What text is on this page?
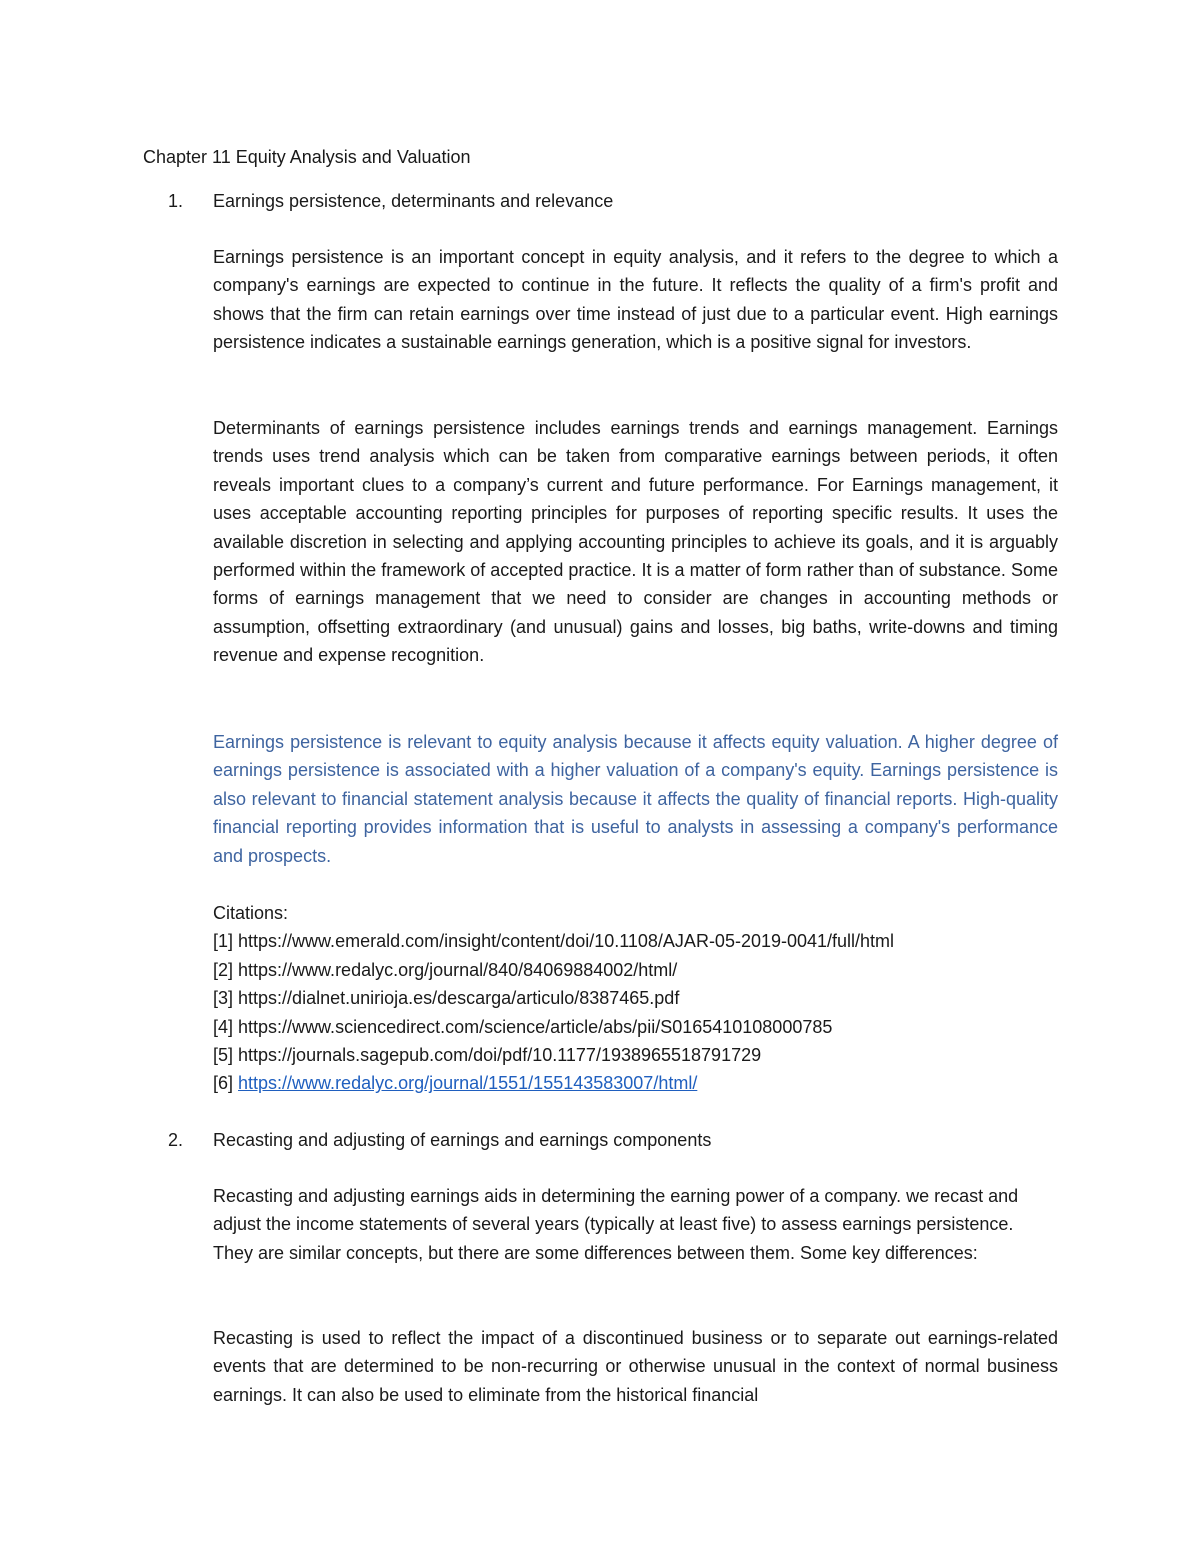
Chapter 11 Equity Analysis and Valuation
1. Earnings persistence, determinants and relevance
Earnings persistence is an important concept in equity analysis, and it refers to the degree to which a company's earnings are expected to continue in the future. It reflects the quality of a firm's profit and shows that the firm can retain earnings over time instead of just due to a particular event. High earnings persistence indicates a sustainable earnings generation, which is a positive signal for investors.
Determinants of earnings persistence includes earnings trends and earnings management. Earnings trends uses trend analysis which can be taken from comparative earnings between periods, it often reveals important clues to a company’s current and future performance. For Earnings management, it uses acceptable accounting reporting principles for purposes of reporting specific results. It uses the available discretion in selecting and applying accounting principles to achieve its goals, and it is arguably performed within the framework of accepted practice. It is a matter of form rather than of substance. Some forms of earnings management that we need to consider are changes in accounting methods or assumption, offsetting extraordinary (and unusual) gains and losses, big baths, write-downs and timing revenue and expense recognition.
Earnings persistence is relevant to equity analysis because it affects equity valuation. A higher degree of earnings persistence is associated with a higher valuation of a company's equity. Earnings persistence is also relevant to financial statement analysis because it affects the quality of financial reports. High-quality financial reporting provides information that is useful to analysts in assessing a company's performance and prospects.
Citations:
[1] https://www.emerald.com/insight/content/doi/10.1108/AJAR-05-2019-0041/full/html
[2] https://www.redalyc.org/journal/840/84069884002/html/
[3] https://dialnet.unirioja.es/descarga/articulo/8387465.pdf
[4] https://www.sciencedirect.com/science/article/abs/pii/S0165410108000785
[5] https://journals.sagepub.com/doi/pdf/10.1177/1938965518791729
[6] https://www.redalyc.org/journal/1551/155143583007/html/
2. Recasting and adjusting of earnings and earnings components
Recasting and adjusting earnings aids in determining the earning power of a company. we recast and adjust the income statements of several years (typically at least five) to assess earnings persistence. They are similar concepts, but there are some differences between them. Some key differences:
Recasting is used to reflect the impact of a discontinued business or to separate out earnings-related events that are determined to be non-recurring or otherwise unusual in the context of normal business earnings. It can also be used to eliminate from the historical financial
